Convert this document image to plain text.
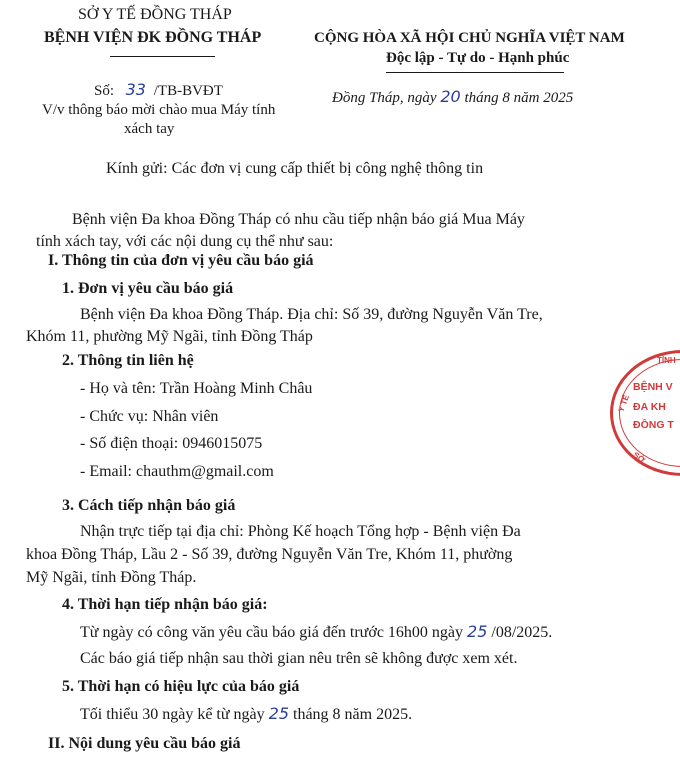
SỞ Y TẾ ĐỒNG THÁP
BỆNH VIỆN ĐK ĐỒNG THÁP
Số: 33 /TB-BVĐT
V/v thông báo mời chào mua Máy tính
xách tay
CỘNG HÒA XÃ HỘI CHỦ NGHĨA VIỆT NAM
Độc lập - Tự do - Hạnh phúc
Đồng Tháp, ngày 20 tháng 8 năm 2025
Kính gửi: Các đơn vị cung cấp thiết bị công nghệ thông tin
Bệnh viện Đa khoa Đồng Tháp có nhu cầu tiếp nhận báo giá Mua Máy
tính xách tay, với các nội dung cụ thể như sau:
I. Thông tin của đơn vị yêu cầu báo giá
1. Đơn vị yêu cầu báo giá
Bệnh viện Đa khoa Đồng Tháp. Địa chỉ: Số 39, đường Nguyễn Văn Tre,
Khóm 11, phường Mỹ Ngãi, tỉnh Đồng Tháp
2. Thông tin liên hệ
- Họ và tên: Trần Hoàng Minh Châu
- Chức vụ: Nhân viên
- Số điện thoại: 0946015075
- Email: chauthm@gmail.com
3. Cách tiếp nhận báo giá
Nhận trực tiếp tại địa chỉ: Phòng Kế hoạch Tổng hợp - Bệnh viện Đa
khoa Đồng Tháp, Lầu 2 - Số 39, đường Nguyễn Văn Tre, Khóm 11, phường
Mỹ Ngãi, tỉnh Đồng Tháp.
4. Thời hạn tiếp nhận báo giá:
Từ ngày có công văn yêu cầu báo giá đến trước 16h00 ngày 25 /08/2025.
Các báo giá tiếp nhận sau thời gian nêu trên sẽ không được xem xét.
5. Thời hạn có hiệu lực của báo giá
Tối thiểu 30 ngày kể từ ngày 25 tháng 8 năm 2025.
II. Nội dung yêu cầu báo giá
TỈNH
Y TẾ
SỞ
BỆNH V
ĐA KH
ĐỒNG T
